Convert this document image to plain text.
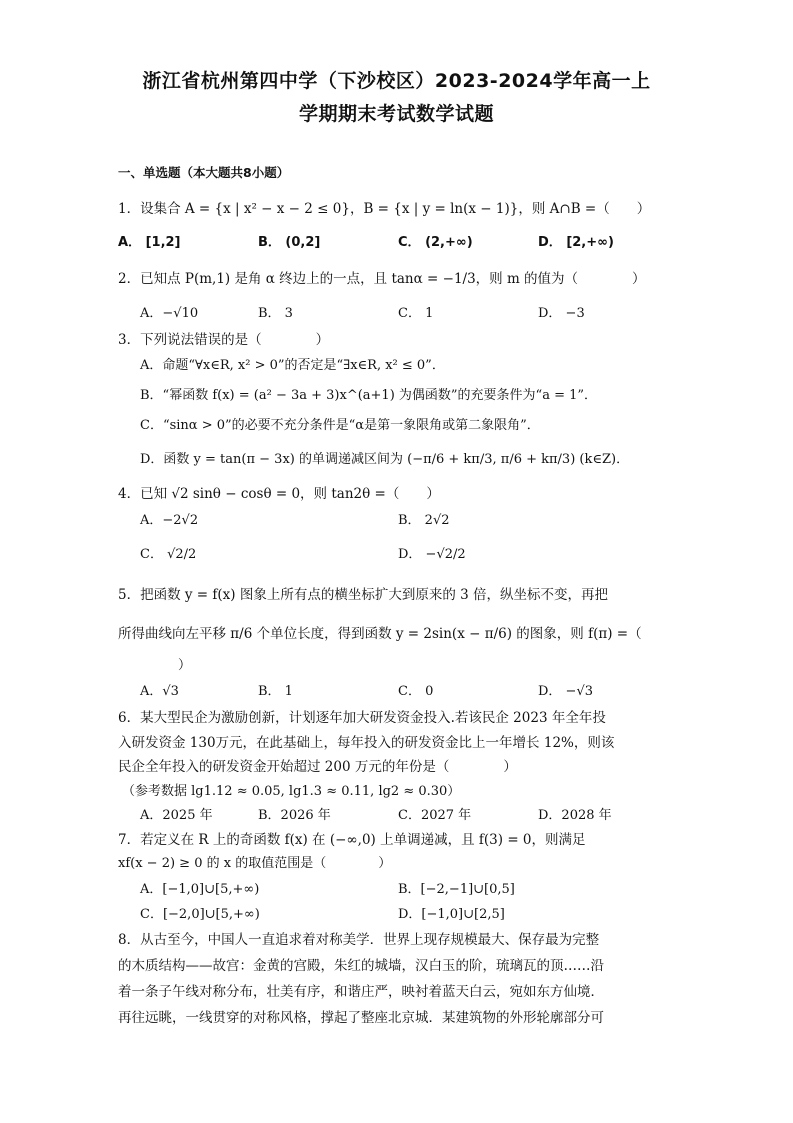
浙江省杭州第四中学（下沙校区）2023-2024学年高一上
学期期末考试数学试题
一、单选题（本大题共8小题）
1．设集合 A = {x | x² − x − 2 ≤ 0}，B = {x | y = ln(x − 1)}，则 A∩B =（　　）
A． [1,2]	B． (0,2]	C． (2,+∞)	D． [2,+∞)
2．已知点 P(m,1) 是角 α 终边上的一点，且 tanα = −1/3，则 m 的值为（　　　　）
A．−√10	B． 3	C． 1	D． −3
3．下列说法错误的是（　　　　）
A．命题“∀x∈R, x² > 0”的否定是“∃x∈R, x² ≤ 0”．
B．“幂函数 f(x) = (a² − 3a + 3)x^(a+1) 为偶函数”的充要条件为“a = 1”．
C．“sinα > 0”的必要不充分条件是“α是第一象限角或第二象限角”．
D．函数 y = tan(π − 3x) 的单调递减区间为 (−π/6 + kπ/3, π/6 + kπ/3) (k∈Z)．
4．已知 √2 sinθ − cosθ = 0，则 tan2θ =（　　）
A．−2√2	B． 2√2
C． √2/2	D． −√2/2
5．把函数 y = f(x) 图象上所有点的横坐标扩大到原来的 3 倍，纵坐标不变，再把
所得曲线向左平移 π/6 个单位长度，得到函数 y = 2sin(x − π/6) 的图象，则 f(π) =（
）
A．√3	B． 1	C． 0	D． −√3
6．某大型民企为激励创新，计划逐年加大研发资金投入.若该民企 2023 年全年投
入研发资金 130万元，在此基础上，每年投入的研发资金比上一年增长 12%，则该
民企全年投入的研发资金开始超过 200 万元的年份是（　　　　）
（参考数据 lg1.12 ≈ 0.05, lg1.3 ≈ 0.11, lg2 ≈ 0.30）
A．2025 年	B．2026 年	C．2027 年	D．2028 年
7．若定义在 R 上的奇函数 f(x) 在 (−∞,0) 上单调递减，且 f(3) = 0，则满足
xf(x − 2) ≥ 0 的 x 的取值范围是（　　　　）
A．[−1,0]∪[5,+∞)	B．[−2,−1]∪[0,5]
C．[−2,0]∪[5,+∞)	D．[−1,0]∪[2,5]
8．从古至今，中国人一直追求着对称美学．世界上现存规模最大、保存最为完整
的木质结构——故宫：金黄的宫殿，朱红的城墙，汉白玉的阶，琉璃瓦的顶……沿
着一条子午线对称分布，壮美有序，和谐庄严，映衬着蓝天白云，宛如东方仙境．
再往远眺，一线贯穿的对称风格，撑起了整座北京城．某建筑物的外形轮廓部分可
